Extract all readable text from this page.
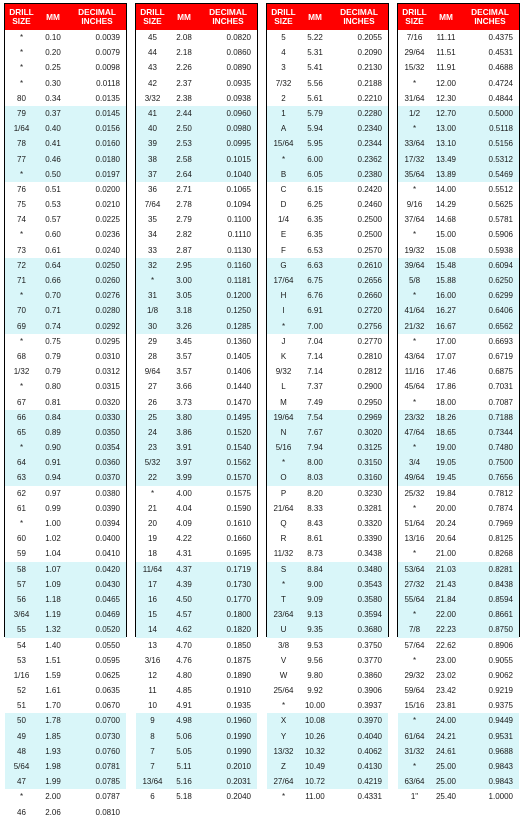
DRILL
SIZE MM DECIMAL
INCHES
*	0.10	0.0039
*	0.20	0.0079
*	0.25	0.0098
*	0.30	0.0118
80	0.34	0.0135
79	0.37	0.0145
1/64	0.40	0.0156
78	0.41	0.0160
77	0.46	0.0180
*	0.50	0.0197
76	0.51	0.0200
75	0.53	0.0210
74	0.57	0.0225
*	0.60	0.0236
73	0.61	0.0240
72	0.64	0.0250
71	0.66	0.0260
*	0.70	0.0276
70	0.71	0.0280
69	0.74	0.0292
*	0.75	0.0295
68	0.79	0.0310
1/32	0.79	0.0312
*	0.80	0.0315
67	0.81	0.0320
66	0.84	0.0330
65	0.89	0.0350
*	0.90	0.0354
64	0.91	0.0360
63	0.94	0.0370
62	0.97	0.0380
61	0.99	0.0390
*	1.00	0.0394
60	1.02	0.0400
59	1.04	0.0410
58	1.07	0.0420
57	1.09	0.0430
56	1.18	0.0465
3/64	1.19	0.0469
55	1.32	0.0520
54	1.40	0.0550
53	1.51	0.0595
1/16	1.59	0.0625
52	1.61	0.0635
51	1.70	0.0670
50	1.78	0.0700
49	1.85	0.0730
48	1.93	0.0760
5/64	1.98	0.0781
47	1.99	0.0785
*	2.00	0.0787
46	2.06	0.0810
DRILL
SIZE MM DECIMAL
INCHES
45	2.08	0.0820
44	2.18	0.0860
43	2.26	0.0890
42	2.37	0.0935
3/32	2.38	0.0938
41	2.44	0.0960
40	2.50	0.0980
39	2.53	0.0995
38	2.58	0.1015
37	2.64	0.1040
36	2.71	0.1065
7/64	2.78	0.1094
35	2.79	0.1100
34	2.82	0.1110
33	2.87	0.1130
32	2.95	0.1160
*	3.00	0.1181
31	3.05	0.1200
1/8	3.18	0.1250
30	3.26	0.1285
29	3.45	0.1360
28	3.57	0.1405
9/64	3.57	0.1406
27	3.66	0.1440
26	3.73	0.1470
25	3.80	0.1495
24	3.86	0.1520
23	3.91	0.1540
5/32	3.97	0.1562
22	3.99	0.1570
*	4.00	0.1575
21	4.04	0.1590
20	4.09	0.1610
19	4.22	0.1660
18	4.31	0.1695
11/64	4.37	0.1719
17	4.39	0.1730
16	4.50	0.1770
15	4.57	0.1800
14	4.62	0.1820
13	4.70	0.1850
3/16	4.76	0.1875
12	4.80	0.1890
11	4.85	0.1910
10	4.91	0.1935
9	4.98	0.1960
8	5.06	0.1990
7	5.05	0.1990
7	5.11	0.2010
13/64	5.16	0.2031
6	5.18	0.2040
DRILL
SIZE MM DECIMAL
INCHES
5	5.22	0.2055
4	5.31	0.2090
3	5.41	0.2130
7/32	5.56	0.2188
2	5.61	0.2210
1	5.79	0.2280
A	5.94	0.2340
15/64	5.95	0.2344
*	6.00	0.2362
B	6.05	0.2380
C	6.15	0.2420
D	6.25	0.2460
1/4	6.35	0.2500
E	6.35	0.2500
F	6.53	0.2570
G	6.63	0.2610
17/64	6.75	0.2656
H	6.76	0.2660
I	6.91	0.2720
*	7.00	0.2756
J	7.04	0.2770
K	7.14	0.2810
9/32	7.14	0.2812
L	7.37	0.2900
M	7.49	0.2950
19/64	7.54	0.2969
N	7.67	0.3020
5/16	7.94	0.3125
*	8.00	0.3150
O	8.03	0.3160
P	8.20	0.3230
21/64	8.33	0.3281
Q	8.43	0.3320
R	8.61	0.3390
11/32	8.73	0.3438
S	8.84	0.3480
*	9.00	0.3543
T	9.09	0.3580
23/64	9.13	0.3594
U	9.35	0.3680
3/8	9.53	0.3750
V	9.56	0.3770
W	9.80	0.3860
25/64	9.92	0.3906
*	10.00	0.3937
X	10.08	0.3970
Y	10.26	0.4040
13/32	10.32	0.4062
Z	10.49	0.4130
27/64	10.72	0.4219
*	11.00	0.4331
DRILL
SIZE MM DECIMAL
INCHES
7/16	11.11	0.4375
29/64	11.51	0.4531
15/32	11.91	0.4688
*	12.00	0.4724
31/64	12.30	0.4844
1/2	12.70	0.5000
*	13.00	0.5118
33/64	13.10	0.5156
17/32	13.49	0.5312
35/64	13.89	0.5469
*	14.00	0.5512
9/16	14.29	0.5625
37/64	14.68	0.5781
*	15.00	0.5906
19/32	15.08	0.5938
39/64	15.48	0.6094
5/8	15.88	0.6250
*	16.00	0.6299
41/64	16.27	0.6406
21/32	16.67	0.6562
*	17.00	0.6693
43/64	17.07	0.6719
11/16	17.46	0.6875
45/64	17.86	0.7031
*	18.00	0.7087
23/32	18.26	0.7188
47/64	18.65	0.7344
*	19.00	0.7480
3/4	19.05	0.7500
49/64	19.45	0.7656
25/32	19.84	0.7812
*	20.00	0.7874
51/64	20.24	0.7969
13/16	20.64	0.8125
*	21.00	0.8268
53/64	21.03	0.8281
27/32	21.43	0.8438
55/64	21.84	0.8594
*	22.00	0.8661
7/8	22.23	0.8750
57/64	22.62	0.8906
*	23.00	0.9055
29/32	23.02	0.9062
59/64	23.42	0.9219
15/16	23.81	0.9375
*	24.00	0.9449
61/64	24.21	0.9531
31/32	24.61	0.9688
*	25.00	0.9843
63/64	25.00	0.9843
1"	25.40	1.0000
